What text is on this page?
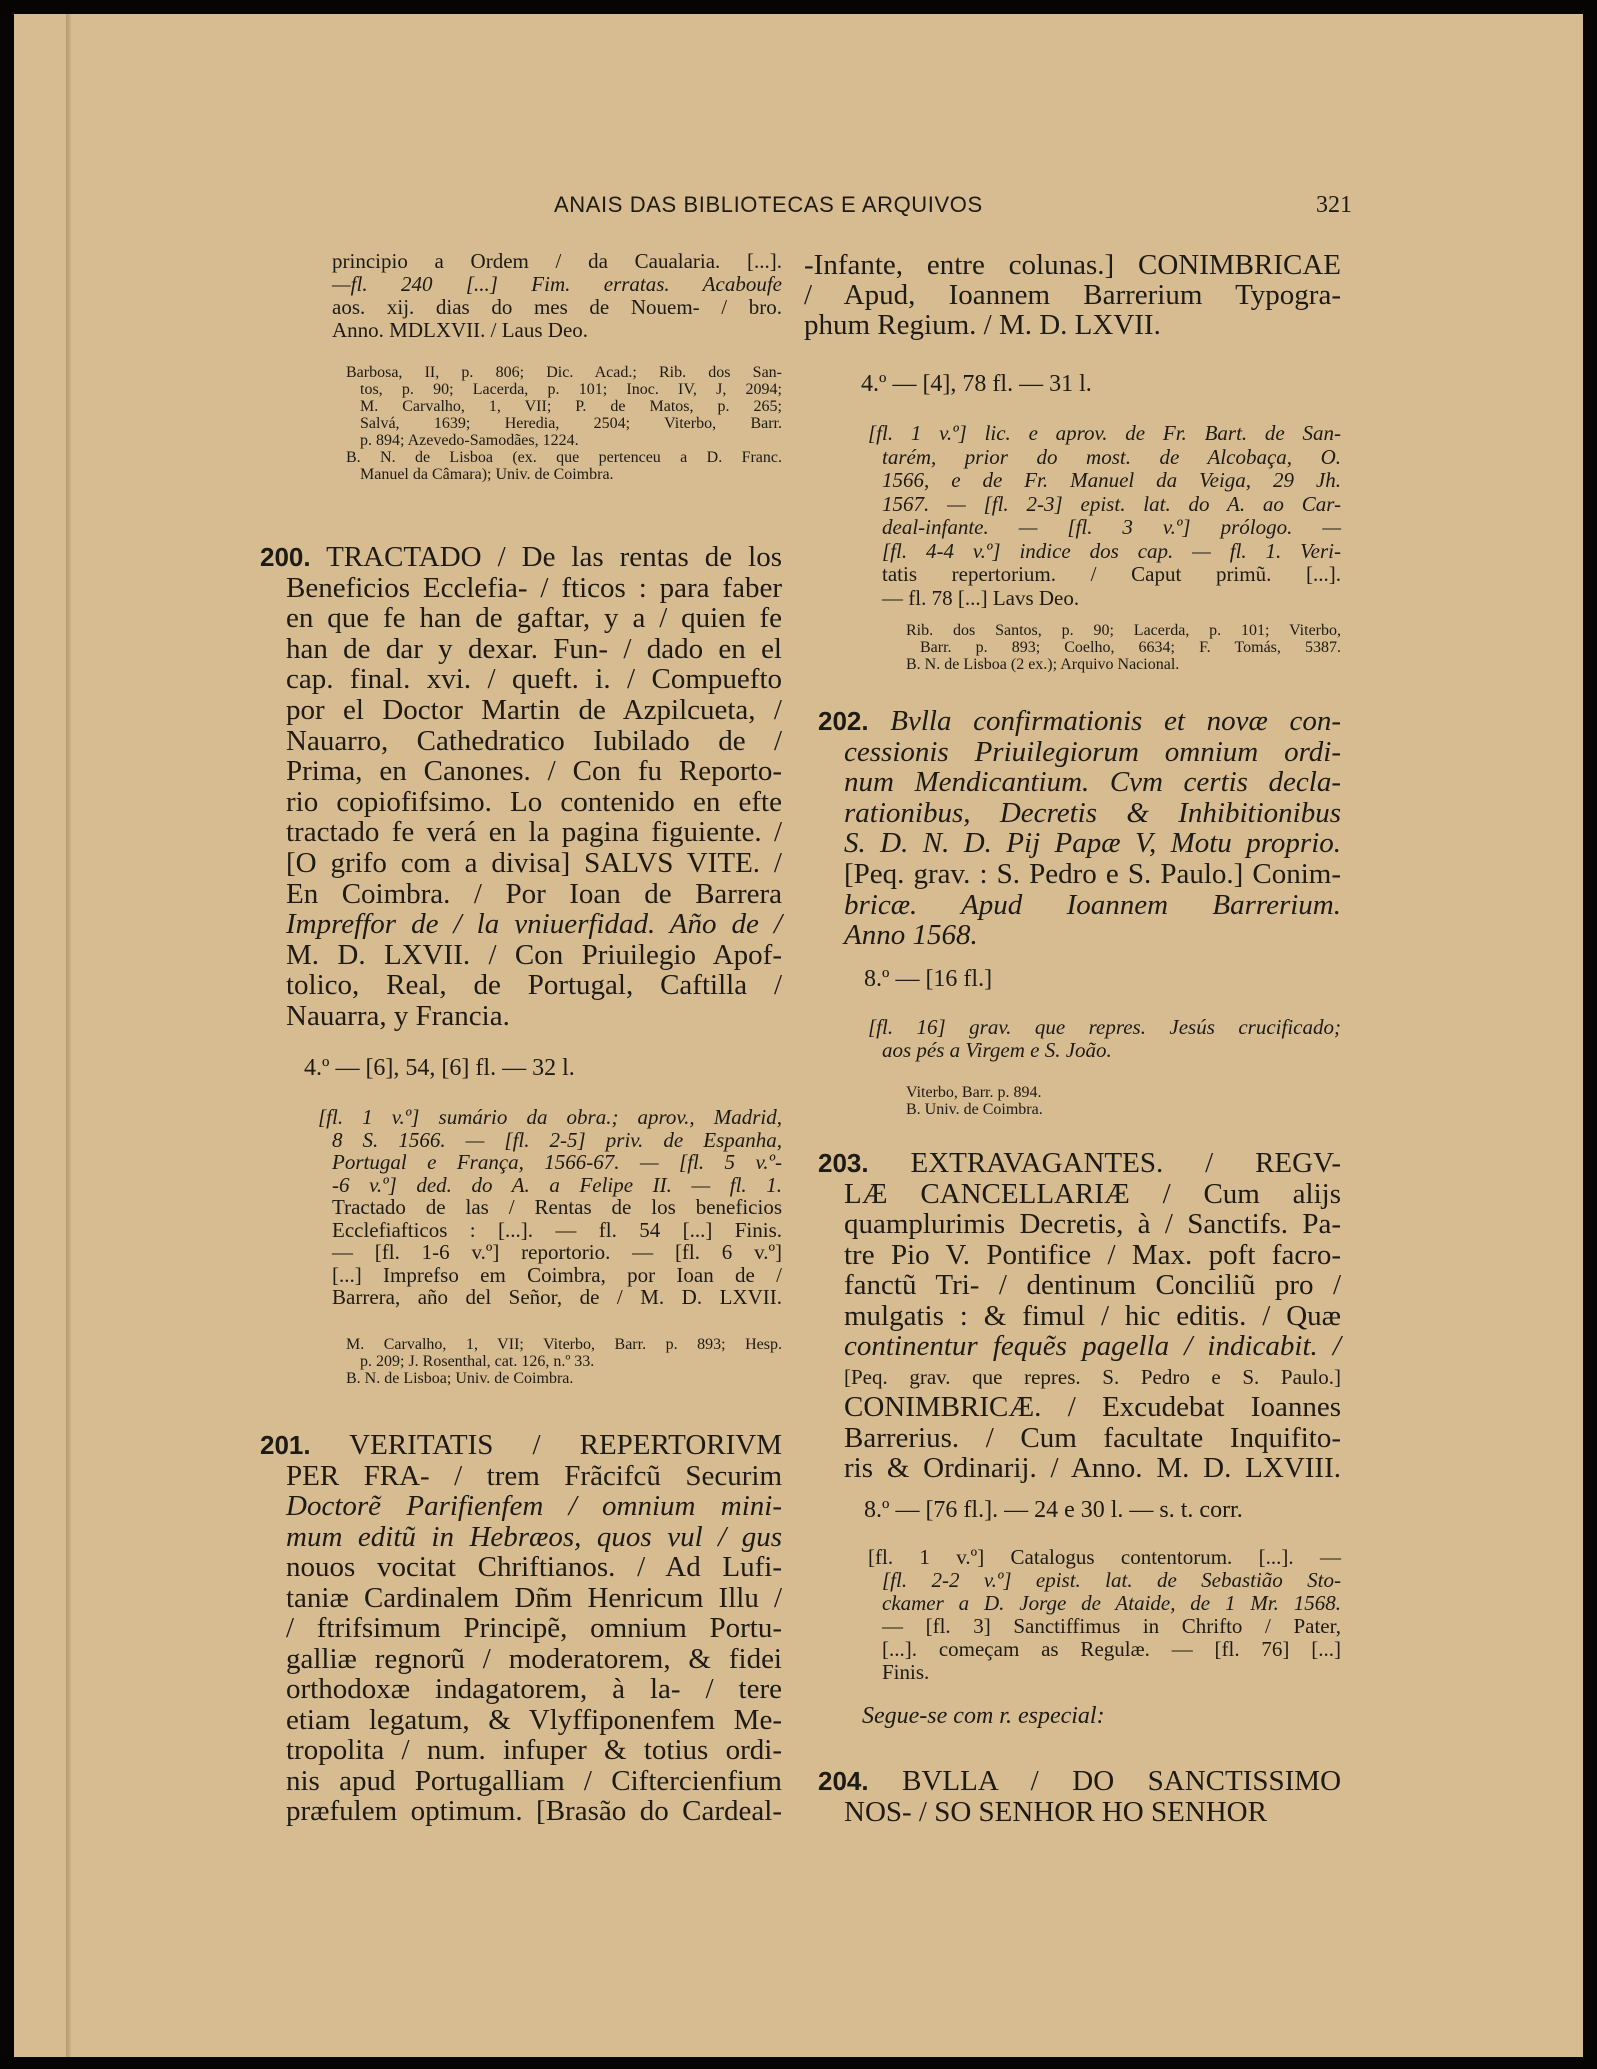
ANAIS DAS BIBLIOTECAS E ARQUIVOS	321
principio a Ordem / da Caualaria. [...].
—fl. 240 [...] Fim. erratas. Acaboufe
aos. xij. dias do mes de Nouem- / bro.
Anno. MDLXVII. / Laus Deo.
Barbosa, II, p. 806; Dic. Acad.; Rib. dos San-
tos, p. 90; Lacerda, p. 101; Inoc. IV, J, 2094;
M. Carvalho, 1, VII; P. de Matos, p. 265;
Salvá, 1639; Heredia, 2504; Viterbo, Barr.
p. 894; Azevedo-Samodães, 1224.
B. N. de Lisboa (ex. que pertenceu a D. Franc.
Manuel da Câmara); Univ. de Coimbra.
200. TRACTADO / De las rentas de los
Beneficios Ecclefia- / fticos : para faber
en que fe han de gaftar, y a / quien fe
han de dar y dexar. Fun- / dado en el
cap. final. xvi. / queft. i. / Compuefto
por el Doctor Martin de Azpilcueta, /
Nauarro, Cathedratico Iubilado de /
Prima, en Canones. / Con fu Reporto-
rio copiofifsimo. Lo contenido en efte
tractado fe verá en la pagina figuiente. /
[O grifo com a divisa] SALVS VITE. /
En Coimbra. / Por Ioan de Barrera
Impreffor de / la vniuerfidad. Año de /
M. D. LXVII. / Con Priuilegio Apof-
tolico, Real, de Portugal, Caftilla /
Nauarra, y Francia.
4.º — [6], 54, [6] fl. — 32 l.
[fl. 1 v.º] sumário da obra.; aprov., Madrid,
8 S. 1566. — [fl. 2-5] priv. de Espanha,
Portugal e França, 1566-67. — [fl. 5 v.º-
-6 v.º] ded. do A. a Felipe II. — fl. 1.
Tractado de las / Rentas de los beneficios
Ecclefiafticos : [...]. — fl. 54 [...] Finis.
— [fl. 1-6 v.º] reportorio. — [fl. 6 v.º]
[...] Imprefso em Coimbra, por Ioan de /
Barrera, año del Señor, de / M. D. LXVII.
M. Carvalho, 1, VII; Viterbo, Barr. p. 893; Hesp.
p. 209; J. Rosenthal, cat. 126, n.º 33.
B. N. de Lisboa; Univ. de Coimbra.
201. VERITATIS / REPERTORIVM
PER FRA- / trem Frãcifcũ Securim
Doctorẽ Parifienfem / omnium mini-
mum editũ in Hebræos, quos vul / gus
nouos vocitat Chriftianos. / Ad Lufi-
taniæ Cardinalem Dñm Henricum Illu /
/ ftrifsimum Principẽ, omnium Portu-
galliæ regnorũ / moderatorem, & fidei
orthodoxæ indagatorem, à la- / tere
etiam legatum, & Vlyffiponenfem Me-
tropolita / num. infuper & totius ordi-
nis apud Portugalliam / Ciftercienfium
præfulem optimum. [Brasão do Cardeal-
-Infante, entre colunas.] CONIMBRICAE
/ Apud, Ioannem Barrerium Typogra-
phum Regium. / M. D. LXVII.
4.º — [4], 78 fl. — 31 l.
[fl. 1 v.º] lic. e aprov. de Fr. Bart. de San-
tarém, prior do most. de Alcobaça, O.
1566, e de Fr. Manuel da Veiga, 29 Jh.
1567. — [fl. 2-3] epist. lat. do A. ao Car-
deal-infante. — [fl. 3 v.º] prólogo. —
[fl. 4-4 v.º] indice dos cap. — fl. 1. Veri-
tatis repertorium. / Caput primũ. [...].
— fl. 78 [...] Lavs Deo.
Rib. dos Santos, p. 90; Lacerda, p. 101; Viterbo,
Barr. p. 893; Coelho, 6634; F. Tomás, 5387.
B. N. de Lisboa (2 ex.); Arquivo Nacional.
202. Bvlla confirmationis et novæ con-
cessionis Priuilegiorum omnium ordi-
num Mendicantium. Cvm certis decla-
rationibus, Decretis & Inhibitionibus
S. D. N. D. Pij Papæ V, Motu proprio.
[Peq. grav. : S. Pedro e S. Paulo.] Conim-
bricæ. Apud Ioannem Barrerium.
Anno 1568.
8.º — [16 fl.]
[fl. 16] grav. que repres. Jesús crucificado;
aos pés a Virgem e S. João.
Viterbo, Barr. p. 894.
B. Univ. de Coimbra.
203. EXTRAVAGANTES. / REGV-
LÆ CANCELLARIÆ / Cum alijs
quamplurimis Decretis, à / Sanctifs. Pa-
tre Pio V. Pontifice / Max. poft facro-
fanctũ Tri- / dentinum Conciliũ pro /
mulgatis : & fimul / hic editis. / Quæ
continentur fequẽs pagella / indicabit. /
[Peq. grav. que repres. S. Pedro e S. Paulo.]
CONIMBRICÆ. / Excudebat Ioannes
Barrerius. / Cum facultate Inquifito-
ris & Ordinarij. / Anno. M. D. LXVIII.
8.º — [76 fl.]. — 24 e 30 l. — s. t. corr.
[fl. 1 v.º] Catalogus contentorum. [...]. —
[fl. 2-2 v.º] epist. lat. de Sebastião Sto-
ckamer a D. Jorge de Ataide, de 1 Mr. 1568.
— [fl. 3] Sanctiffimus in Chrifto / Pater,
[...]. começam as Regulæ. — [fl. 76] [...]
Finis.
Segue-se com r. especial:
204. BVLLA / DO SANCTISSIMO
NOS- / SO SENHOR HO SENHOR
